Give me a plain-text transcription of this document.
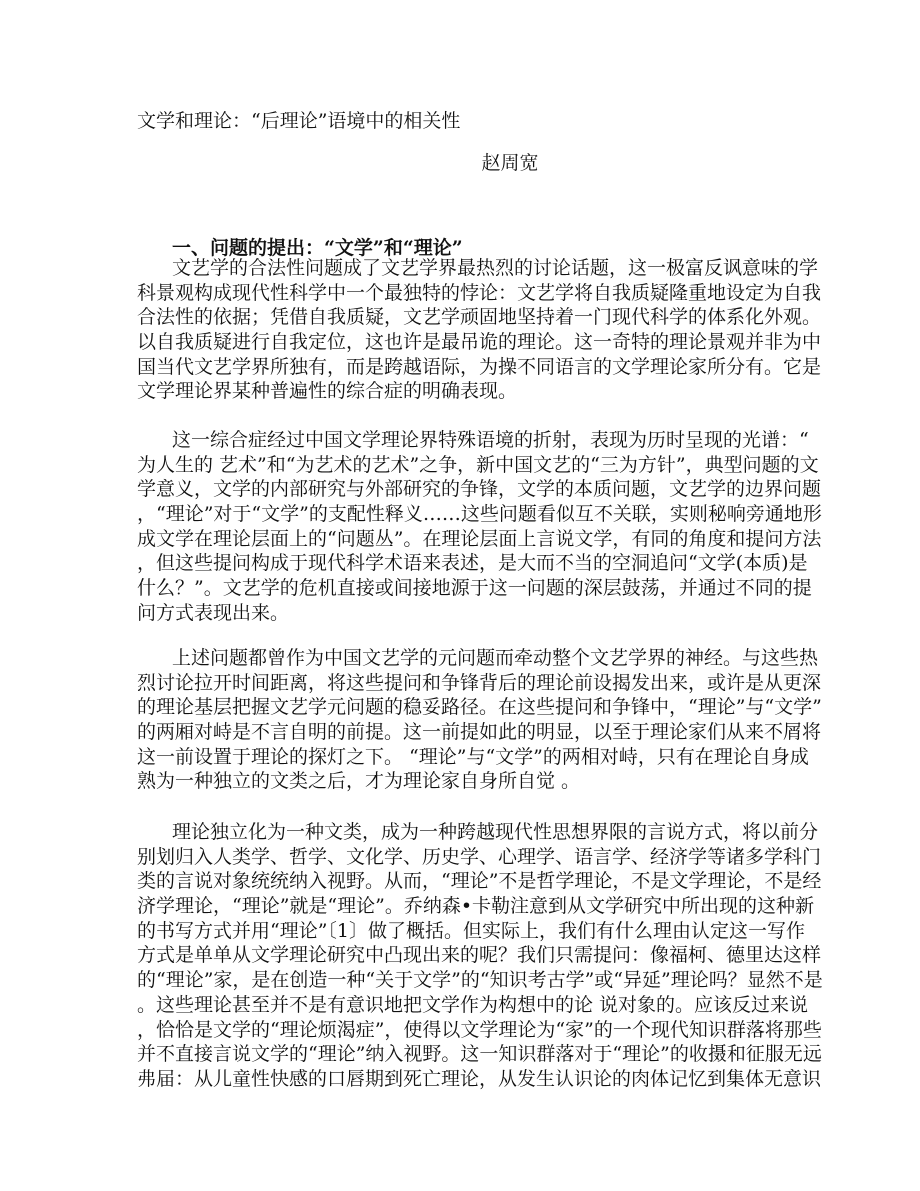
文学和理论：“后理论”语境中的相关性
赵周宽
一、问题的提出：“文学”和“理论”
文艺学的合法性问题成了文艺学界最热烈的讨论话题，这一极富反讽意味的学
科景观构成现代性科学中一个最独特的悖论：文艺学将自我质疑隆重地设定为自我
合法性的依据；凭借自我质疑，文艺学顽固地坚持着一门现代科学的体系化外观。
以自我质疑进行自我定位，这也许是最吊诡的理论。这一奇特的理论景观并非为中
国当代文艺学界所独有，而是跨越语际，为操不同语言的文学理论家所分有。它是
文学理论界某种普遍性的综合症的明确表现。
这一综合症经过中国文学理论界特殊语境的折射，表现为历时呈现的光谱：“
为人生的 艺术”和“为艺术的艺术”之争，新中国文艺的“三为方针”，典型问题的文
学意义，文学的内部研究与外部研究的争锋，文学的本质问题，文艺学的边界问题
，“理论”对于“文学”的支配性释义……这些问题看似互不关联，实则秘响旁通地形
成文学在理论层面上的“问题丛”。在理论层面上言说文学，有同的角度和提问方法
，但这些提问构成于现代科学术语来表述，是大而不当的空洞追问“文学(本质)是
什么？”。文艺学的危机直接或间接地源于这一问题的深层鼓荡，并通过不同的提
问方式表现出来。
上述问题都曾作为中国文艺学的元问题而牵动整个文艺学界的神经。与这些热
烈讨论拉开时间距离，将这些提问和争锋背后的理论前设揭发出来，或许是从更深
的理论基层把握文艺学元问题的稳妥路径。在这些提问和争锋中，“理论”与“文学”
的两厢对峙是不言自明的前提。这一前提如此的明显，以至于理论家们从来不屑将
这一前设置于理论的探灯之下。 “理论”与“文学”的两相对峙，只有在理论自身成
熟为一种独立的文类之后，才为理论家自身所自觉 。
理论独立化为一种文类，成为一种跨越现代性思想界限的言说方式，将以前分
别划归入人类学、哲学、文化学、历史学、心理学、语言学、经济学等诸多学科门
类的言说对象统统纳入视野。从而，“理论”不是哲学理论，不是文学理论，不是经
济学理论，“理论”就是“理论”。乔纳森•卡勒注意到从文学研究中所出现的这种新
的书写方式并用“理论”〔1〕做了概括。但实际上，我们有什么理由认定这一写作
方式是单单从文学理论研究中凸现出来的呢？我们只需提问：像福柯、德里达这样
的“理论”家，是在创造一种“关于文学”的“知识考古学”或“异延”理论吗？显然不是
。这些理论甚至并不是有意识地把文学作为构想中的论 说对象的。应该反过来说
，恰恰是文学的“理论烦渴症”，使得以文学理论为“家”的一个现代知识群落将那些
并不直接言说文学的“理论”纳入视野。这一知识群落对于“理论”的收摄和征服无远
弗届：从儿童性快感的口唇期到死亡理论，从发生认识论的肉体记忆到集体无意识
